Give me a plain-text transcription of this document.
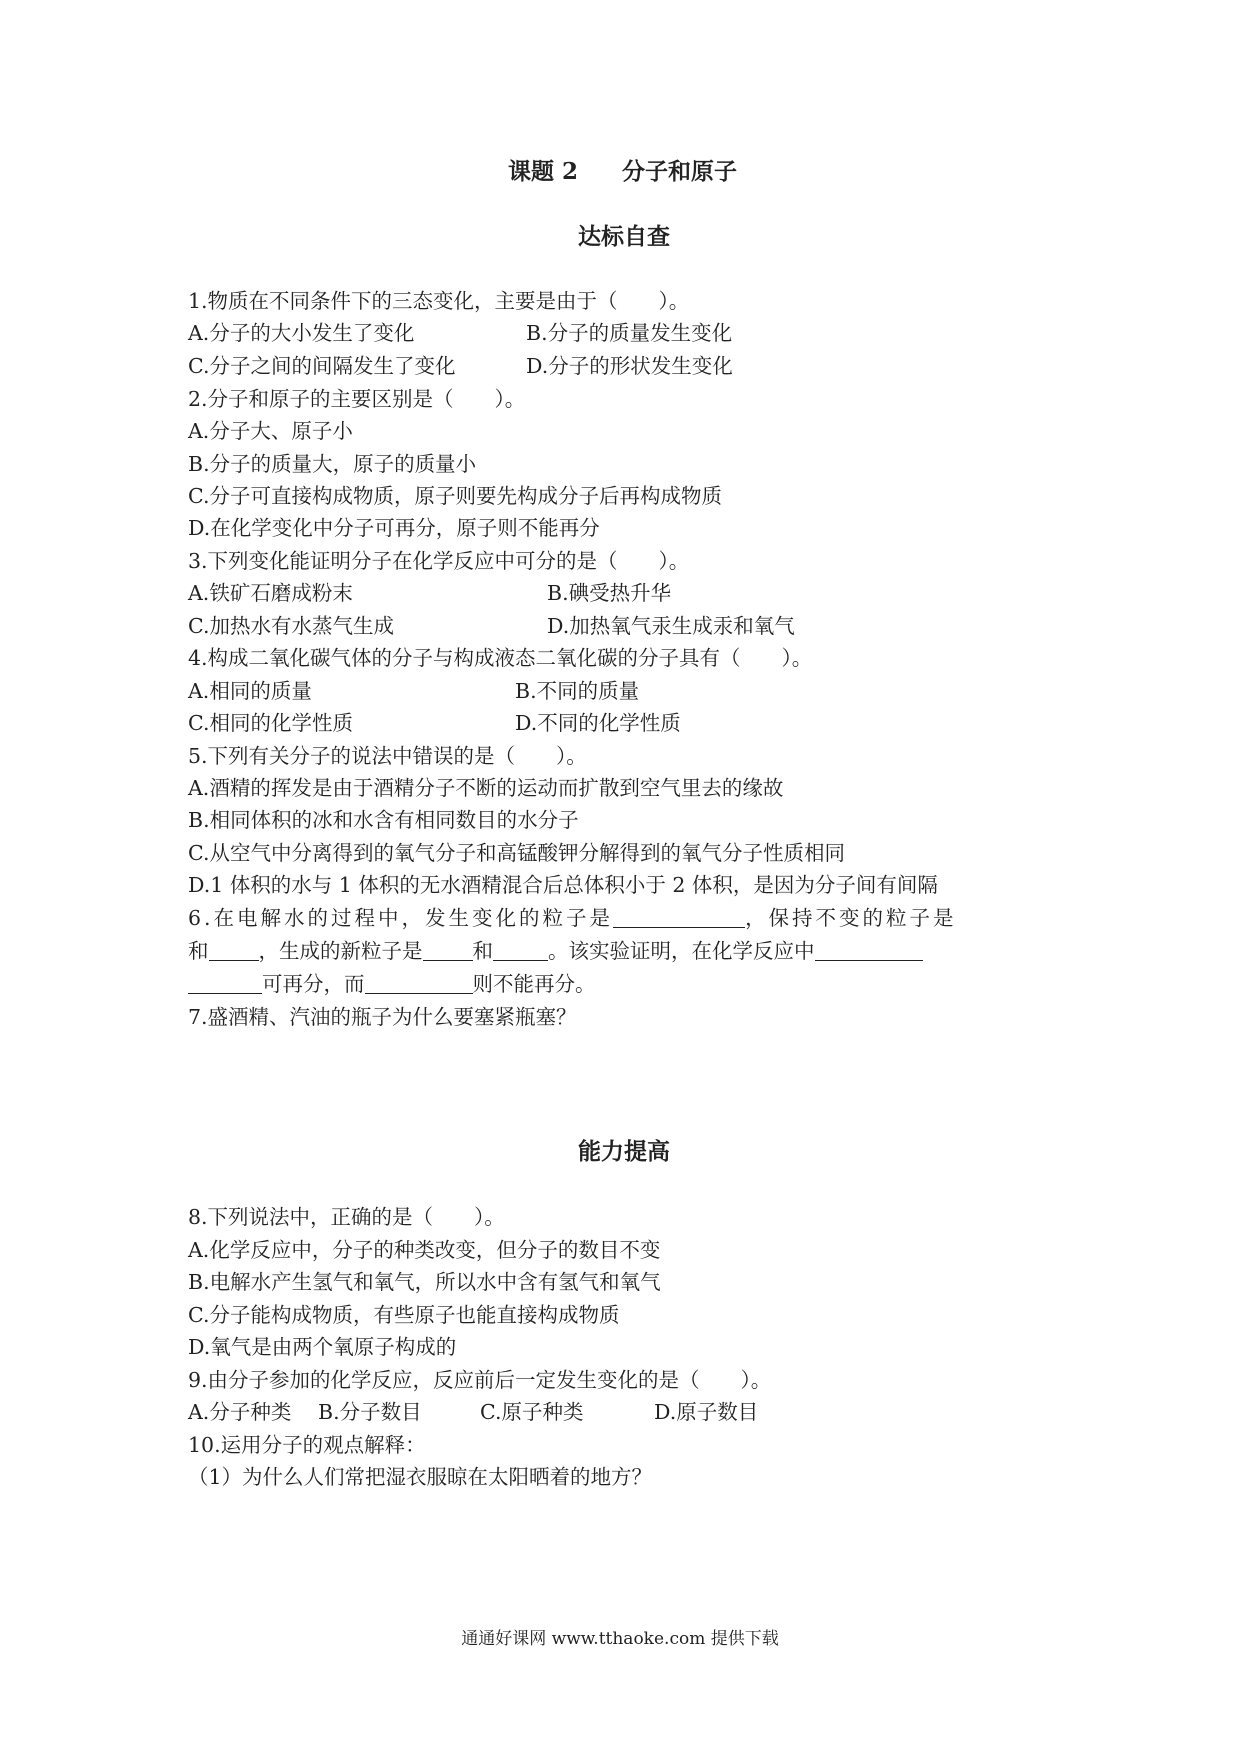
课题 2 分子和原子
达标自查
1.物质在不同条件下的三态变化，主要是由于（　　）。
A.分子的大小发生了变化	B.分子的质量发生变化
C.分子之间的间隔发生了变化	D.分子的形状发生变化
2.分子和原子的主要区别是（　　）。
A.分子大、原子小
B.分子的质量大，原子的质量小
C.分子可直接构成物质，原子则要先构成分子后再构成物质
D.在化学变化中分子可再分，原子则不能再分
3.下列变化能证明分子在化学反应中可分的是（　　）。
A.铁矿石磨成粉末	B.碘受热升华
C.加热水有水蒸气生成	D.加热氧气汞生成汞和氧气
4.构成二氧化碳气体的分子与构成液态二氧化碳的分子具有（　　）。
A.相同的质量	B.不同的质量
C.相同的化学性质	D.不同的化学性质
5.下列有关分子的说法中错误的是（　　）。
A.酒精的挥发是由于酒精分子不断的运动而扩散到空气里去的缘故
B.相同体积的冰和水含有相同数目的水分子
C.从空气中分离得到的氧气分子和高锰酸钾分解得到的氧气分子性质相同
D.1 体积的水与 1 体积的无水酒精混合后总体积小于 2 体积，是因为分子间有间隔
6.在电解水的过程中，发生变化的粒子是	，保持不变的粒子是
和 ，生成的新粒子是 和	。该实验证明，在化学反应中
可再分，而	则不能再分。
7.盛酒精、汽油的瓶子为什么要塞紧瓶塞？
能力提高
8.下列说法中，正确的是（　　）。
A.化学反应中，分子的种类改变，但分子的数目不变
B.电解水产生氢气和氧气，所以水中含有氢气和氧气
C.分子能构成物质，有些原子也能直接构成物质
D.氧气是由两个氧原子构成的
9.由分子参加的化学反应，反应前后一定发生变化的是（　　）。
A.分子种类 B.分子数目	C.原子种类	D.原子数目
10.运用分子的观点解释：
（1）为什么人们常把湿衣服晾在太阳晒着的地方？
通通好课网 www.tthaoke.com 提供下载
